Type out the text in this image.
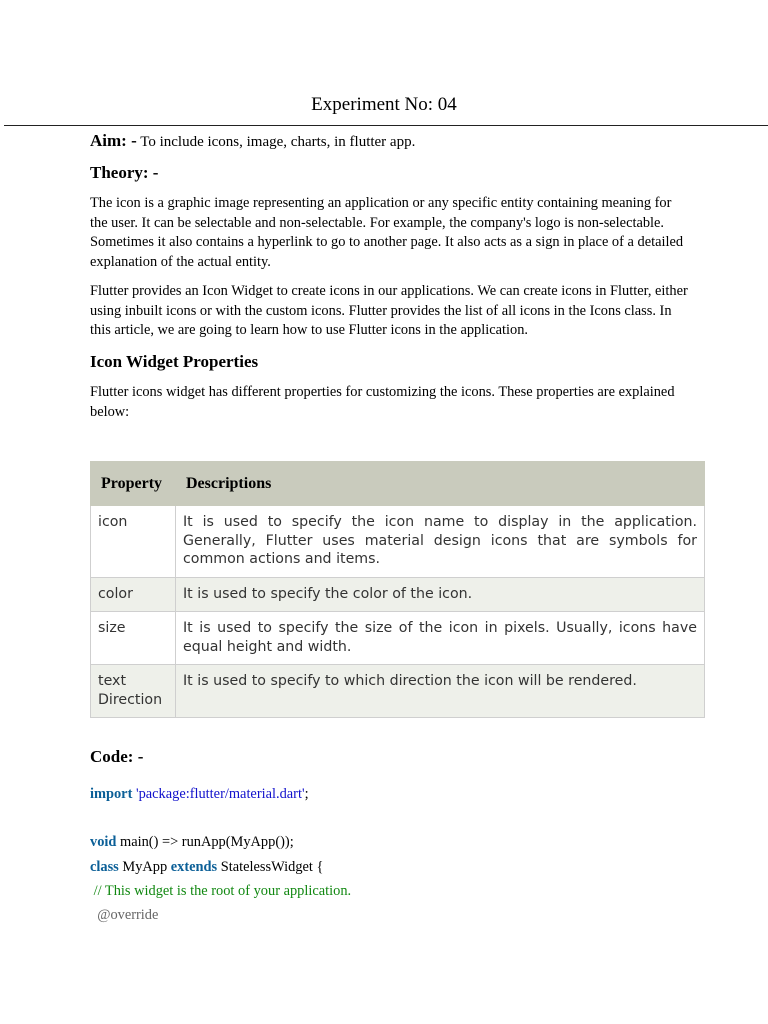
Experiment No: 04
Aim: - To include icons, image, charts, in flutter app.
Theory: -

The icon is a graphic image representing an application or any specific entity containing meaning for the user. It can be selectable and non-selectable. For example, the company's logo is non-selectable. Sometimes it also contains a hyperlink to go to another page. It also acts as a sign in place of a detailed explanation of the actual entity.

Flutter provides an Icon Widget to create icons in our applications. We can create icons in Flutter, either using inbuilt icons or with the custom icons. Flutter provides the list of all icons in the Icons class. In this article, we are going to learn how to use Flutter icons in the application.

Icon Widget Properties

Flutter icons widget has different properties for customizing the icons. These properties are explained below:

Property	Descriptions
icon	It is used to specify the icon name to display in the application. Generally, Flutter uses material design icons that are symbols for common actions and items.
color	It is used to specify the color of the icon.
size	It is used to specify the size of the icon in pixels. Usually, icons have equal height and width.
text Direction	It is used to specify to which direction the icon will be rendered.
Code: -
import 'package:flutter/material.dart';
void main() => runApp(MyApp());
class MyApp extends StatelessWidget {
// This widget is the root of your application.
@override
